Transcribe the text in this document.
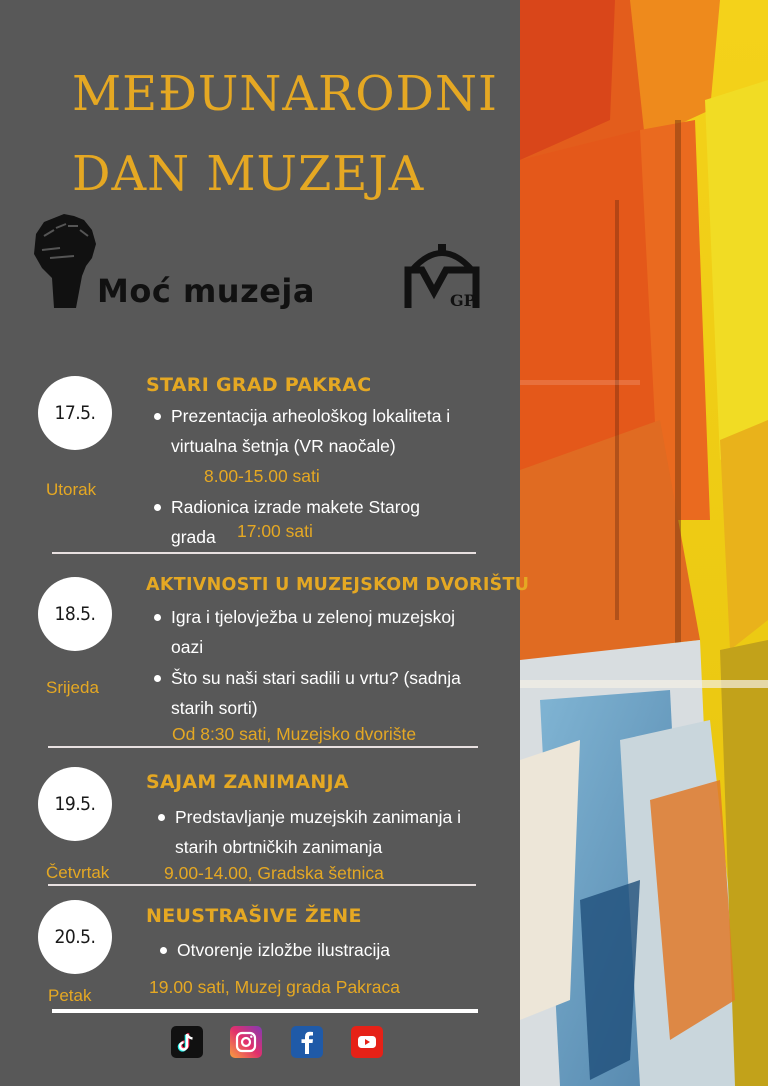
MEĐUNARODNI
DAN MUZEJA
Moć muzeja	GP
17.5.
Utorak
STARI GRAD PAKRAC
Prezentacija arheološkog lokaliteta i
virtualna šetnja (VR naočale)
8.00-15.00 sati
Radionica izrade makete Starog
grada	17:00 sati
18.5.
Srijeda
AKTIVNOSTI U MUZEJSKOM DVORIŠTU
Igra i tjelovježba u zelenoj muzejskoj
oazi
Što su naši stari sadili u vrtu? (sadnja
starih sorti)
Od 8:30 sati, Muzejsko dvorište
19.5.
Četvrtak
SAJAM ZANIMANJA
Predstavljanje muzejskih zanimanja i
starih obrtničkih zanimanja
9.00-14.00, Gradska šetnica
20.5.
Petak
NEUSTRAŠIVE ŽENE
Otvorenje izložbe ilustracija
19.00 sati, Muzej grada Pakraca
